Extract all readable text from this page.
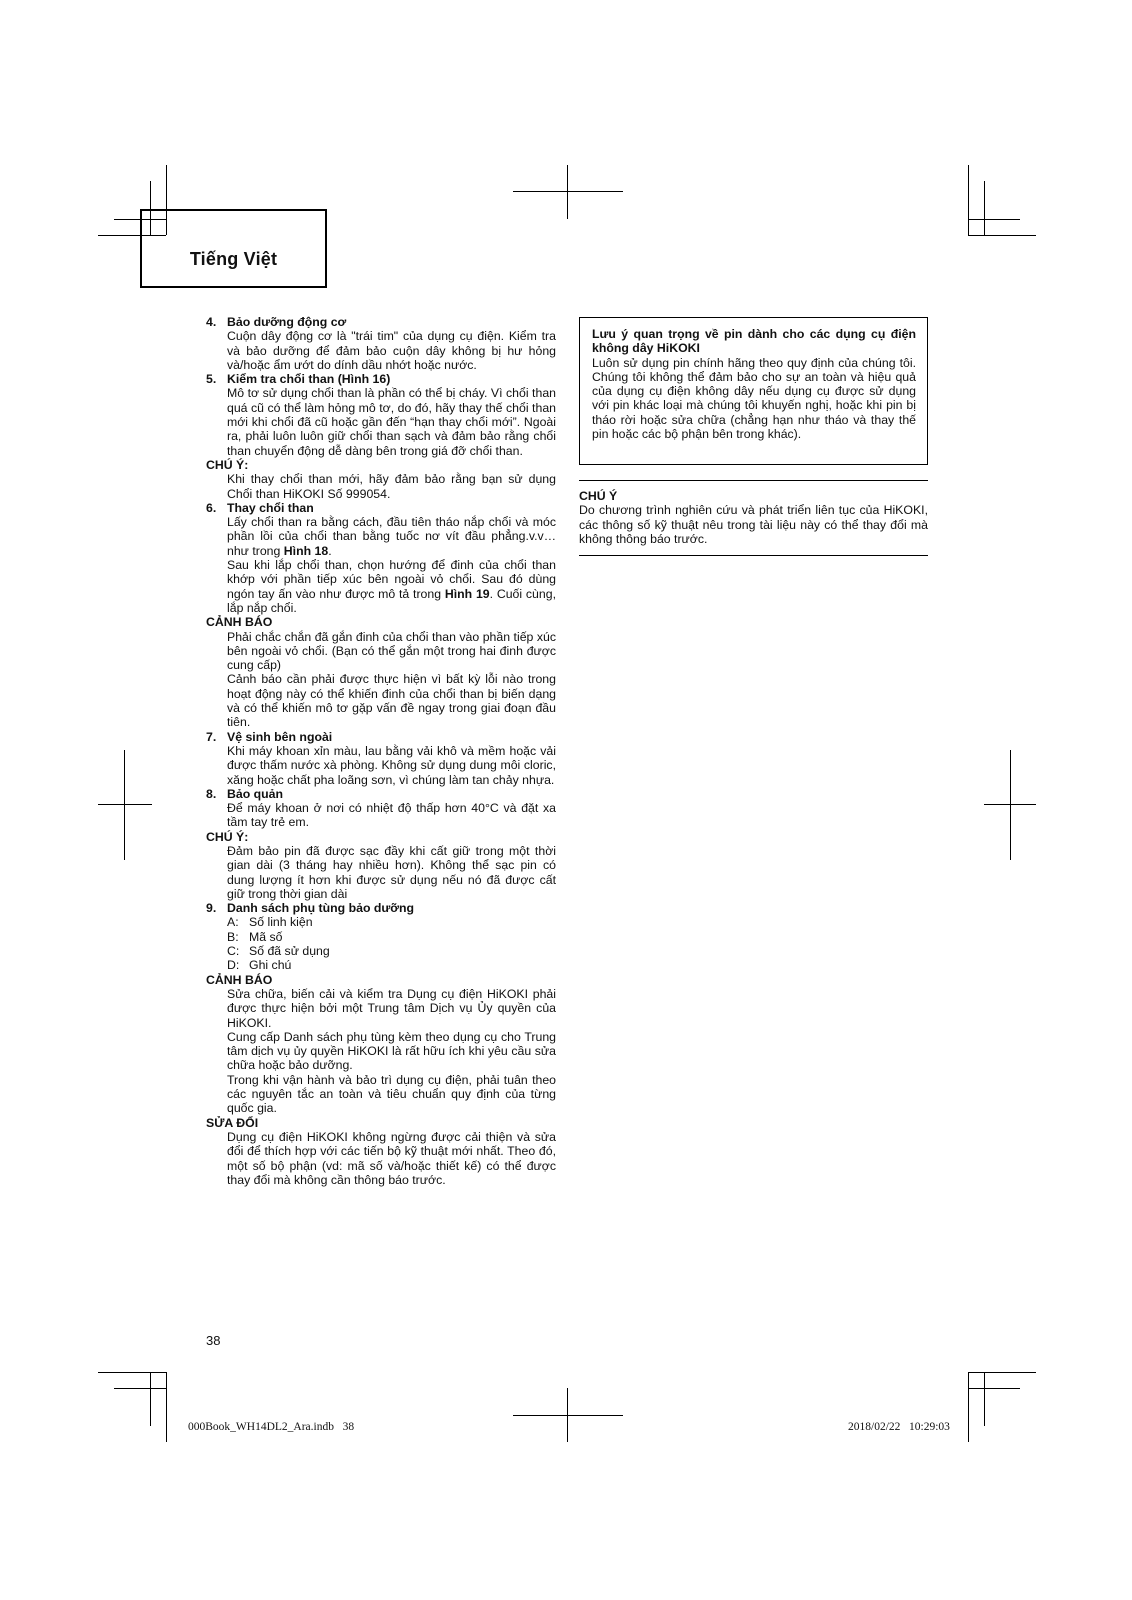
Tiếng Việt

4. Bảo dưỡng động cơ

Cuộn dây động cơ là "trái tim" của dụng cụ điện. Kiểm tra và bảo dưỡng để đảm bảo cuộn dây không bị hư hỏng và/hoặc ẩm ướt do dính dầu nhớt hoặc nước.

5. Kiểm tra chổi than (Hình 16)

Mô tơ sử dụng chổi than là phần có thể bị cháy. Vì chổi than quá cũ có thể làm hỏng mô tơ, do đó, hãy thay thế chổi than mới khi chổi đã cũ hoặc gần đến “hạn thay chổi mới”. Ngoài ra, phải luôn luôn giữ chổi than sạch và đảm bảo rằng chổi than chuyển động dễ dàng bên trong giá đỡ chổi than.

CHÚ Ý:

Khi thay chổi than mới, hãy đảm bảo rằng bạn sử dụng Chổi than HiKOKI Số 999054.

6. Thay chổi than

Lấy chổi than ra bằng cách, đầu tiên tháo nắp chổi và móc phần lồi của chổi than bằng tuốc nơ vít đầu phẳng.v.v… như trong Hình 18.

Sau khi lắp chổi than, chọn hướng để đinh của chổi than khớp với phần tiếp xúc bên ngoài vỏ chổi. Sau đó dùng ngón tay ấn vào như được mô tả trong Hình 19. Cuối cùng, lắp nắp chổi.

CẢNH BÁO

Phải chắc chắn đã gắn đinh của chổi than vào phần tiếp xúc bên ngoài vỏ chổi. (Bạn có thể gắn một trong hai đinh được cung cấp)

Cảnh báo cần phải được thực hiện vì bất kỳ lỗi nào trong hoạt động này có thể khiến đinh của chổi than bị biến dạng và có thể khiến mô tơ gặp vấn đề ngay trong giai đoạn đầu tiên.

7. Vệ sinh bên ngoài

Khi máy khoan xỉn màu, lau bằng vải khô và mềm hoặc vải được thấm nước xà phòng. Không sử dụng dung môi cloric, xăng hoặc chất pha loãng sơn, vì chúng làm tan chảy nhựa.

8. Bảo quản

Để máy khoan ở nơi có nhiệt độ thấp hơn 40°C và đặt xa tầm tay trẻ em.

CHÚ Ý:

Đảm bảo pin đã được sạc đầy khi cất giữ trong một thời gian dài (3 tháng hay nhiều hơn). Không thể sạc pin có dung lượng ít hơn khi được sử dụng nếu nó đã được cất giữ trong thời gian dài

9. Danh sách phụ tùng bảo dưỡng

A: Số linh kiện

B: Mã số

C: Số đã sử dụng

D: Ghi chú

CẢNH BÁO

Sửa chữa, biến cải và kiểm tra Dụng cụ điện HiKOKI phải được thực hiện bởi một Trung tâm Dịch vụ Ủy quyền của HiKOKI.

Cung cấp Danh sách phụ tùng kèm theo dụng cụ cho Trung tâm dịch vụ ủy quyền HiKOKI là rất hữu ích khi yêu cầu sửa chữa hoặc bảo dưỡng.

Trong khi vận hành và bảo trì dụng cụ điện, phải tuân theo các nguyên tắc an toàn và tiêu chuẩn quy định của từng quốc gia.

SỬA ĐỔI

Dụng cụ điện HiKOKI không ngừng được cải thiện và sửa đổi để thích hợp với các tiến bộ kỹ thuật mới nhất. Theo đó, một số bộ phận (vd: mã số và/hoặc thiết kế) có thể được thay đổi mà không cần thông báo trước.

Lưu ý quan trọng về pin dành cho các dụng cụ điện không dây HiKOKI

Luôn sử dụng pin chính hãng theo quy định của chúng tôi. Chúng tôi không thể đảm bảo cho sự an toàn và hiệu quả của dụng cụ điện không dây nếu dụng cụ được sử dụng với pin khác loại mà chúng tôi khuyến nghị, hoặc khi pin bị tháo rời hoặc sửa chữa (chẳng hạn như tháo và thay thế pin hoặc các bộ phận bên trong khác).

CHÚ Ý

Do chương trình nghiên cứu và phát triển liên tục của HiKOKI, các thông số kỹ thuật nêu trong tài liệu này có thể thay đổi mà không thông báo trước.

38
000Book_WH14DL2_Ara.indb   38	2018/02/22   10:29:03
